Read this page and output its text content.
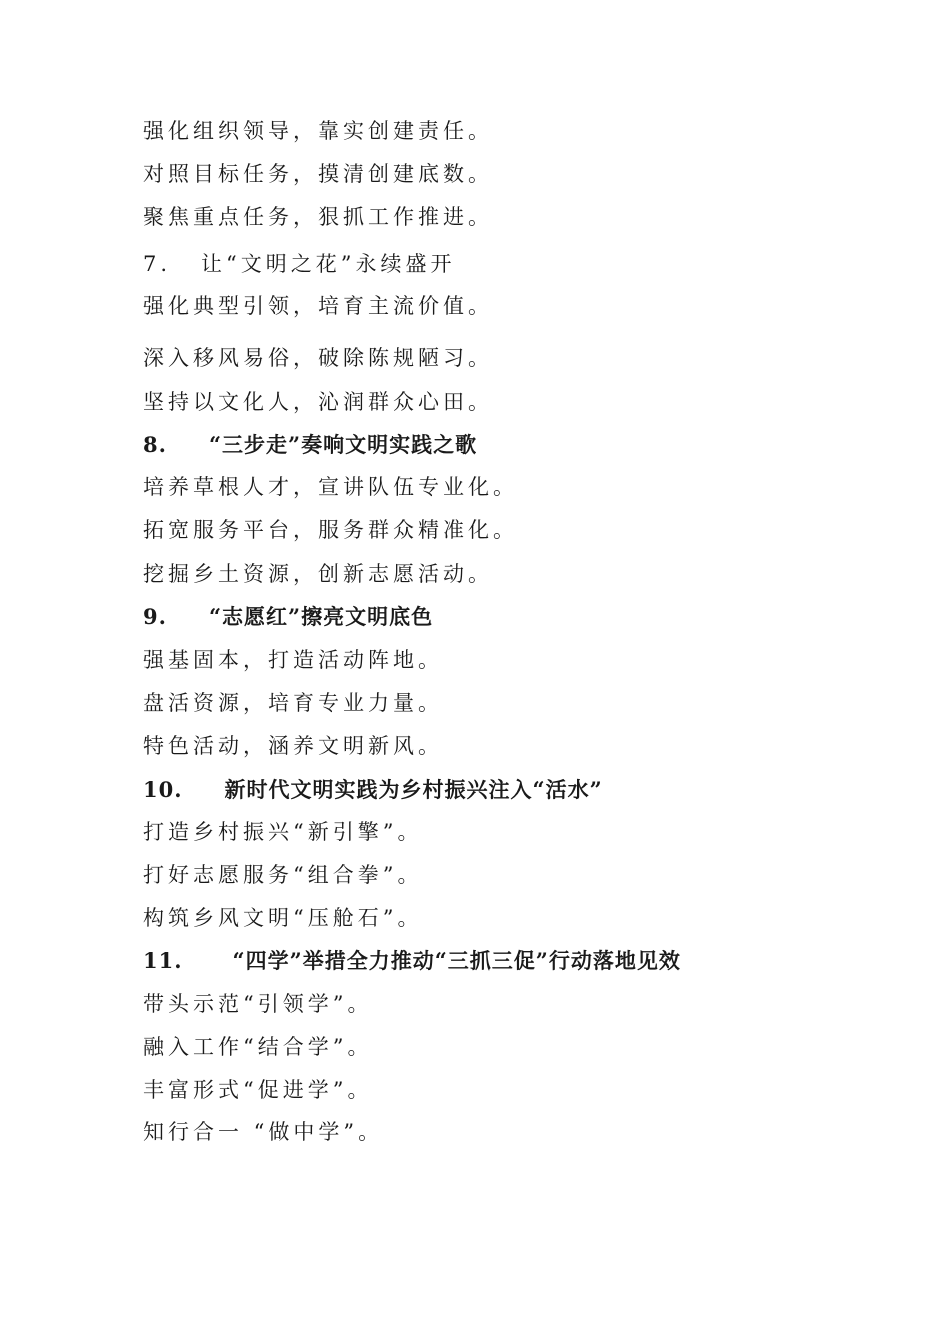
强化组织领导，靠实创建责任。
对照目标任务，摸清创建底数。
聚焦重点任务，狠抓工作推进。
7. 让“文明之花”永续盛开
强化典型引领，培育主流价值。
深入移风易俗，破除陈规陋习。
坚持以文化人，沁润群众心田。
8. “三步走”奏响文明实践之歌
培养草根人才，宣讲队伍专业化。
拓宽服务平台，服务群众精准化。
挖掘乡土资源，创新志愿活动。
9. “志愿红”擦亮文明底色
强基固本，打造活动阵地。
盘活资源，培育专业力量。
特色活动，涵养文明新风。
10. 新时代文明实践为乡村振兴注入“活水”
打造乡村振兴“新引擎”。
打好志愿服务“组合拳”。
构筑乡风文明“压舱石”。
11. “四学”举措全力推动“三抓三促”行动落地见效
带头示范“引领学”。
融入工作“结合学”。
丰富形式“促进学”。
知行合一 “做中学”。
